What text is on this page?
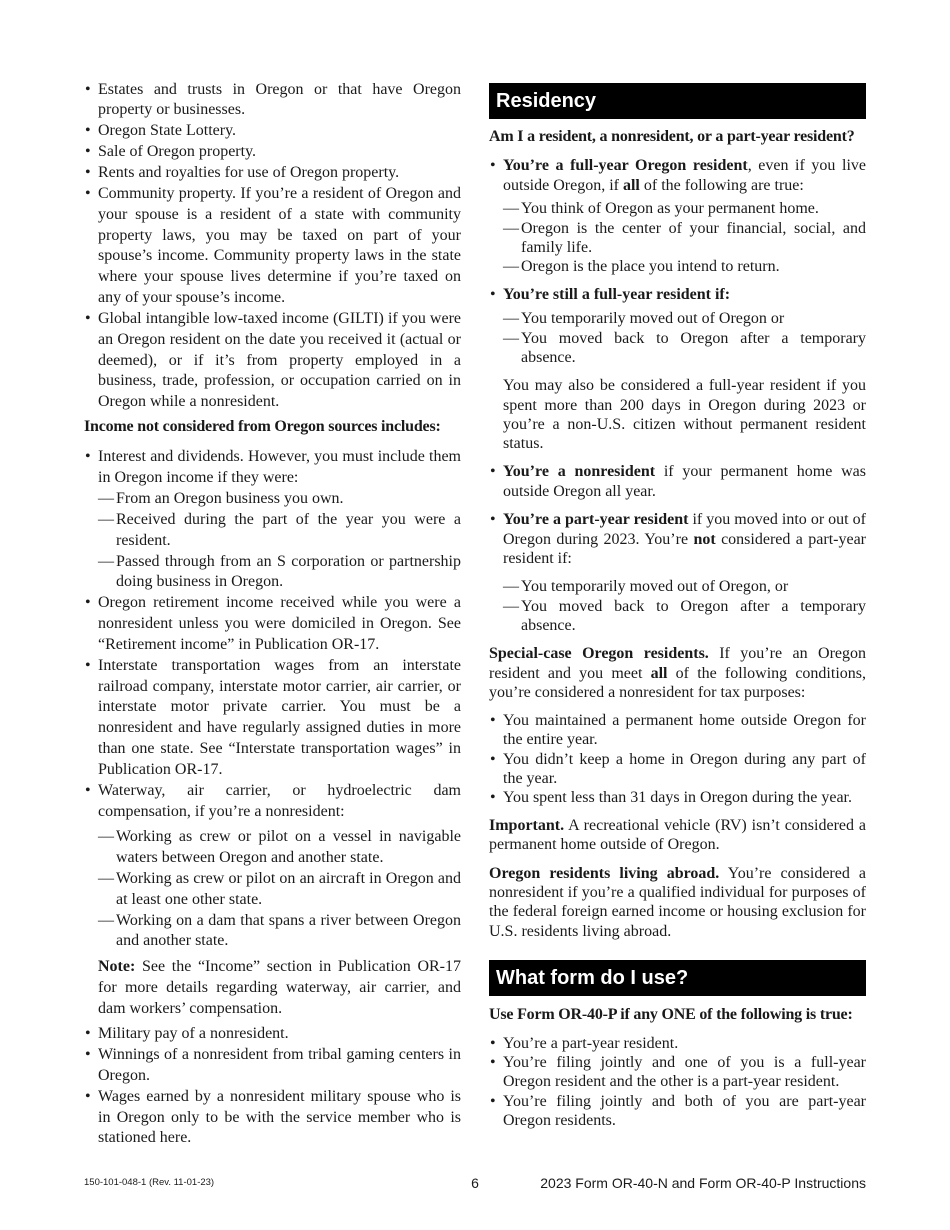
• Estates and trusts in Oregon or that have Oregon property or businesses.
• Oregon State Lottery.
• Sale of Oregon property.
• Rents and royalties for use of Oregon property.
• Community property. If you’re a resident of Oregon and your spouse is a resident of a state with community property laws, you may be taxed on part of your spouse’s income. Community property laws in the state where your spouse lives determine if you’re taxed on any of your spouse’s income.
• Global intangible low-taxed income (GILTI) if you were an Oregon resident on the date you received it (actual or deemed), or if it’s from property employed in a business, trade, profession, or occupation carried on in Oregon while a nonresident.

Income not considered from Oregon sources includes:

• Interest and dividends. However, you must include them in Oregon income if they were:
— From an Oregon business you own.
— Received during the part of the year you were a resident.
— Passed through from an S corporation or partnership doing business in Oregon.
• Oregon retirement income received while you were a nonresident unless you were domiciled in Oregon. See “Retirement income” in Publication OR-17.
• Interstate transportation wages from an interstate railroad company, interstate motor carrier, air carrier, or interstate motor private carrier. You must be a nonresident and have regularly assigned duties in more than one state. See “Interstate transportation wages” in Publication OR-17.
• Waterway, air carrier, or hydroelectric dam compensation, if you’re a nonresident:
— Working as crew or pilot on a vessel in navigable waters between Oregon and another state.
— Working as crew or pilot on an aircraft in Oregon and at least one other state.
— Working on a dam that spans a river between Oregon and another state.

Note: See the “Income” section in Publication OR-17 for more details regarding waterway, air carrier, and dam workers’ compensation.

• Military pay of a nonresident.
• Winnings of a nonresident from tribal gaming centers in Oregon.
• Wages earned by a nonresident military spouse who is in Oregon only to be with the service member who is stationed here.
Residency

Am I a resident, a nonresident, or a part-year resident?

• You’re a full-year Oregon resident, even if you live outside Oregon, if all of the following are true:
— You think of Oregon as your permanent home.
— Oregon is the center of your financial, social, and family life.
— Oregon is the place you intend to return.
• You’re still a full-year resident if:
— You temporarily moved out of Oregon or
— You moved back to Oregon after a temporary absence.

You may also be considered a full-year resident if you spent more than 200 days in Oregon during 2023 or you’re a non-U.S. citizen without permanent resident status.

• You’re a nonresident if your permanent home was outside Oregon all year.
• You’re a part-year resident if you moved into or out of Oregon during 2023. You’re not considered a part-year resident if:
— You temporarily moved out of Oregon, or
— You moved back to Oregon after a temporary absence.

Special-case Oregon residents. If you’re an Oregon resident and you meet all of the following conditions, you’re considered a nonresident for tax purposes:

• You maintained a permanent home outside Oregon for the entire year.
• You didn’t keep a home in Oregon during any part of the year.
• You spent less than 31 days in Oregon during the year.

Important. A recreational vehicle (RV) isn’t considered a permanent home outside of Oregon.

Oregon residents living abroad. You’re considered a nonresident if you’re a qualified individual for purposes of the federal foreign earned income or housing exclusion for U.S. residents living abroad.

What form do I use?

Use Form OR-40-P if any ONE of the following is true:

• You’re a part-year resident.
• You’re filing jointly and one of you is a full-year Oregon resident and the other is a part-year resident.
• You’re filing jointly and both of you are part-year Oregon residents.
150-101-048-1 (Rev. 11-01-23)	6	2023 Form OR-40-N and Form OR-40-P Instructions
